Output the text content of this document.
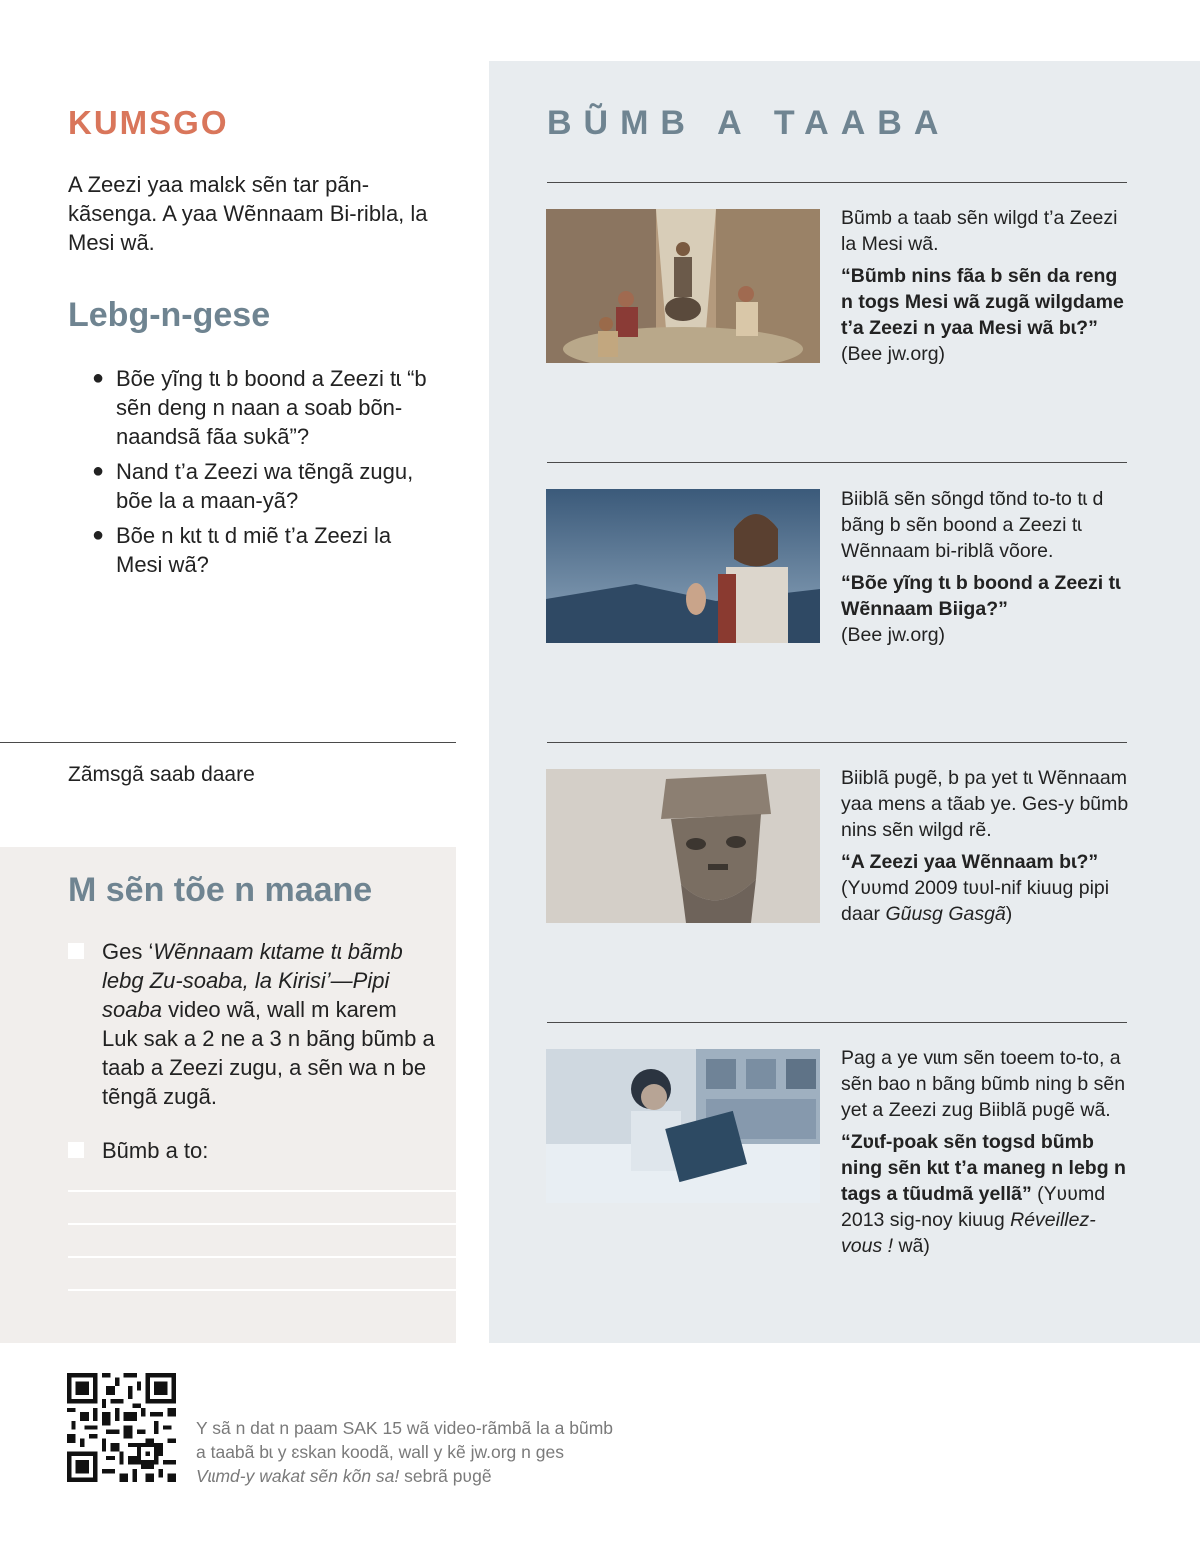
KUMSGO

A Zeezi yaa malɛk sẽn tar pãn-kãsenga. A yaa Wẽnnaam Bi-ribla, la Mesi wã.

Lebg-n-gese
● Bõe yĩng tɩ b boond a Zeezi tɩ “b sẽn deng n naan a soab bõn-naandsã fãa sʋkã”?
● Nand t’a Zeezi wa tẽngã zugu, bõe la a maan-yã?
● Bõe n kɩt tɩ d miẽ t’a Zeezi la Mesi wã?

Zãmsgã saab daare

M sẽn tõe n maane
Ges ‘Wẽnnaam kɩtame tɩ bãmb lebg Zu-soaba, la Kirisi’—Pipi soaba video wã, wall m karem Luk sak a 2 ne a 3 n bãng bũmb a taab a Zeezi zugu, a sẽn wa n be tẽngã zugã.
Bũmb a to:
BŨMB A TAABA

Bũmb a taab sẽn wilgd t’a Zeezi la Mesi wã.

“Bũmb nins fãa b sẽn da reng n togs Mesi wã zugã wilgdame t’a Zeezi n yaa Mesi wã bɩ?”

(Bee jw.org)

Biiblã sẽn sõngd tõnd to-to tɩ d bãng b sẽn boond a Zeezi tɩ Wẽnnaam bi-riblã võore.

“Bõe yĩng tɩ b boond a Zeezi tɩ Wẽnnaam Biiga?”

(Bee jw.org)

Biiblã pʋgẽ, b pa yet tɩ Wẽnnaam yaa mens a tãab ye. Ges-y bũmb nins sẽn wilgd rẽ.

“A Zeezi yaa Wẽnnaam bɩ?”

(Yʋʋmd 2009 tʋʋl-nif kiuug pipi daar Gũusg Gasgã)

Pag a ye vɩɩm sẽn toeem to-to, a sẽn bao n bãng bũmb ning b sẽn yet a Zeezi zug Biiblã pʋgẽ wã.

“Zʋɩf-poak sẽn togsd bũmb ning sẽn kɩt t’a maneg n lebg n tags a tũudmã yellã” (Yʋʋmd 2013 sig-noy kiuug Réveillez-vous ! wã)

Y sã n dat n paam SAK 15 wã video-rãmbã la a bũmb a taabã bɩ y ɛskan koodã, wall y kẽ jw.org n ges Vɩɩmd-y wakat sẽn kõn sa! sebrã pʋgẽ
